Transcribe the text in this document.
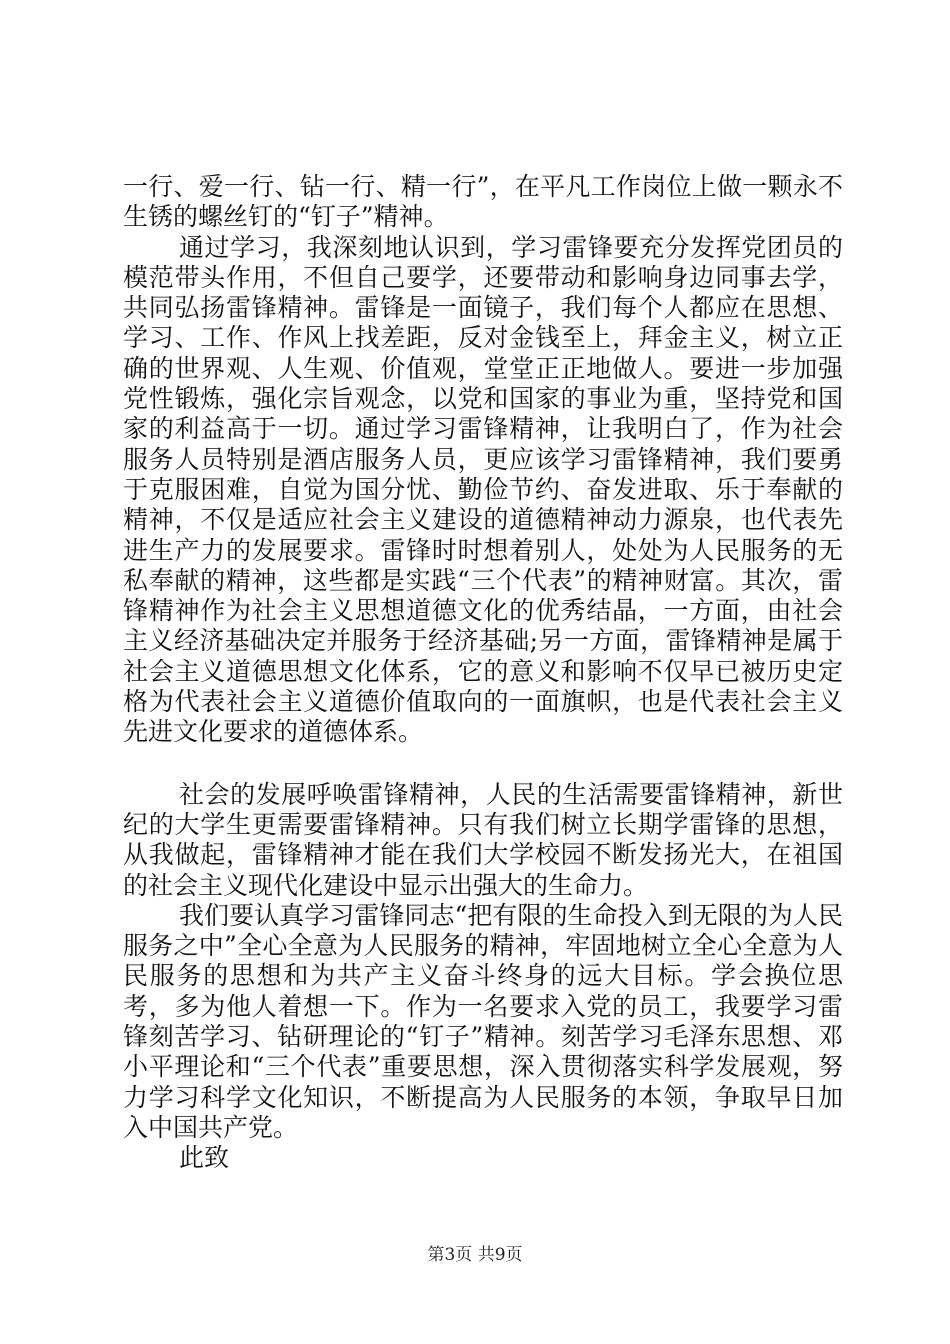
一行、爱一行、钻一行、精一行”，在平凡工作岗位上做一颗永不生锈的螺丝钉的“钉子”精神。

通过学习，我深刻地认识到，学习雷锋要充分发挥党团员的模范带头作用，不但自己要学，还要带动和影响身边同事去学，共同弘扬雷锋精神。雷锋是一面镜子，我们每个人都应在思想、学习、工作、作风上找差距，反对金钱至上，拜金主义，树立正确的世界观、人生观、价值观，堂堂正正地做人。要进一步加强党性锻炼，强化宗旨观念，以党和国家的事业为重，坚持党和国家的利益高于一切。通过学习雷锋精神，让我明白了，作为社会服务人员特别是酒店服务人员，更应该学习雷锋精神，我们要勇于克服困难，自觉为国分忧、勤俭节约、奋发进取、乐于奉献的精神，不仅是适应社会主义建设的道德精神动力源泉，也代表先进生产力的发展要求。雷锋时时想着别人，处处为人民服务的无私奉献的精神，这些都是实践“三个代表”的精神财富。其次，雷锋精神作为社会主义思想道德文化的优秀结晶，一方面，由社会主义经济基础决定并服务于经济基础;另一方面，雷锋精神是属于社会主义道德思想文化体系，它的意义和影响不仅早已被历史定格为代表社会主义道德价值取向的一面旗帜，也是代表社会主义先进文化要求的道德体系。

社会的发展呼唤雷锋精神，人民的生活需要雷锋精神，新世纪的大学生更需要雷锋精神。只有我们树立长期学雷锋的思想，从我做起，雷锋精神才能在我们大学校园不断发扬光大，在祖国的社会主义现代化建设中显示出强大的生命力。

我们要认真学习雷锋同志“把有限的生命投入到无限的为人民服务之中”全心全意为人民服务的精神，牢固地树立全心全意为人民服务的思想和为共产主义奋斗终身的远大目标。学会换位思考，多为他人着想一下。作为一名要求入党的员工，我要学习雷锋刻苦学习、钻研理论的“钉子”精神。刻苦学习毛泽东思想、邓小平理论和“三个代表”重要思想，深入贯彻落实科学发展观，努力学习科学文化知识，不断提高为人民服务的本领，争取早日加入中国共产党。

此致

第3页 共9页
